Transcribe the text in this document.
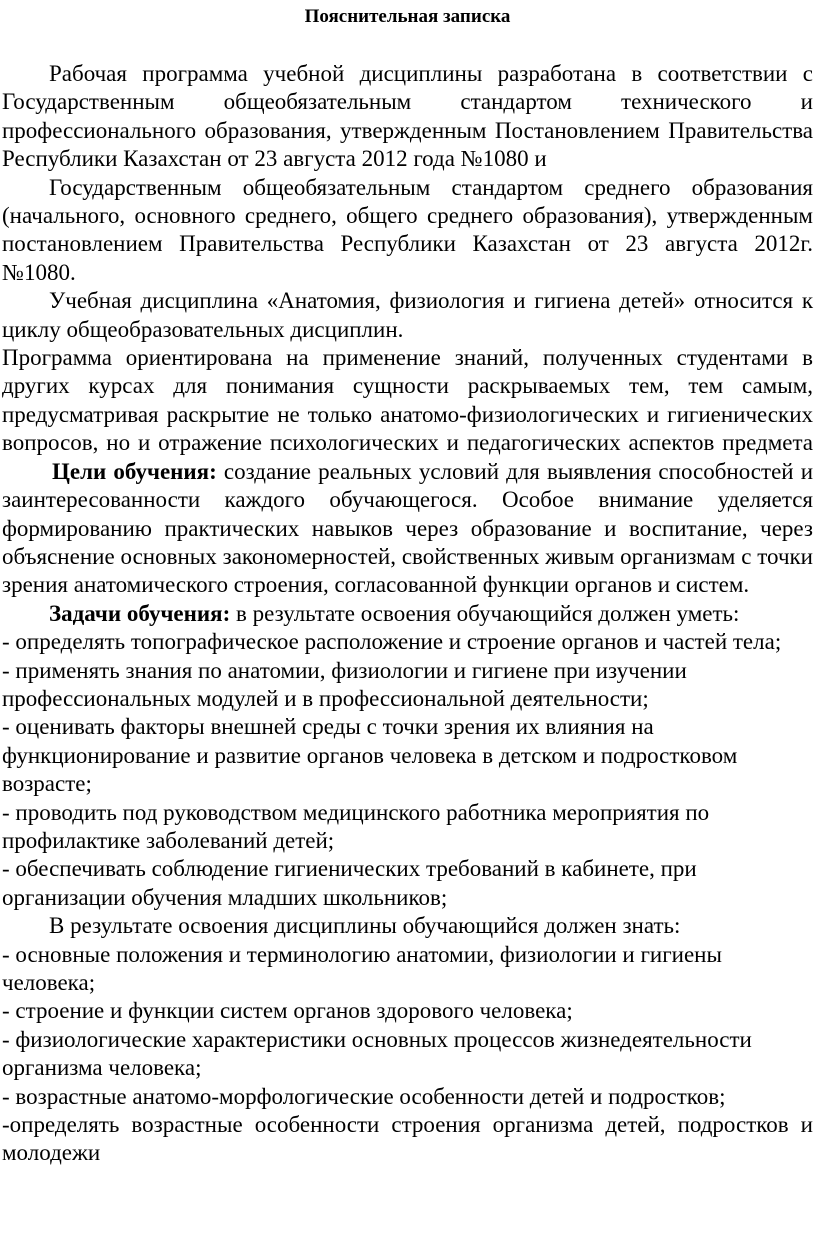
Пояснительная записка

Рабочая программа учебной дисциплины разработана в соответствии с Государственным общеобязательным стандартом технического и профессионального образования, утвержденным Постановлением Правительства Республики Казахстан от 23 августа 2012 года №1080 и

Государственным общеобязательным стандартом среднего образования (начального, основного среднего, общего среднего образования), утвержденным постановлением Правительства Республики Казахстан от 23 августа 2012г. №1080.

Учебная дисциплина «Анатомия, физиология и гигиена детей» относится к циклу общеобразовательных дисциплин.

Программа ориентирована на применение знаний, полученных студентами в других курсах для понимания сущности раскрываемых тем, тем самым, предусматривая раскрытие не только анатомо-физиологических и гигиенических вопросов, но и отражение психологических и педагогических аспектов предмета

Цели обучения: создание реальных условий для выявления способностей и заинтересованности каждого обучающегося. Особое внимание уделяется формированию практических навыков через образование и воспитание, через объяснение основных закономерностей, свойственных живым организмам с точки зрения анатомического строения, согласованной функции органов и систем.

Задачи обучения: в результате освоения обучающийся должен уметь:

- определять топографическое расположение и строение органов и частей тела;

- применять знания по анатомии, физиологии и гигиене при изучении профессиональных модулей и в профессиональной деятельности;

- оценивать факторы внешней среды с точки зрения их влияния на функционирование и развитие органов человека в детском и подростковом возрасте;

- проводить под руководством медицинского работника мероприятия по профилактике заболеваний детей;

- обеспечивать соблюдение гигиенических требований в кабинете, при организации обучения младших школьников;

В результате освоения дисциплины обучающийся должен знать:

- основные положения и терминологию анатомии, физиологии и гигиены человека;

- строение и функции систем органов здорового человека;

- физиологические характеристики основных процессов жизнедеятельности организма человека;

- возрастные анатомо-морфологические особенности детей и подростков;

-определять возрастные особенности строения организма детей, подростков и молодежи
